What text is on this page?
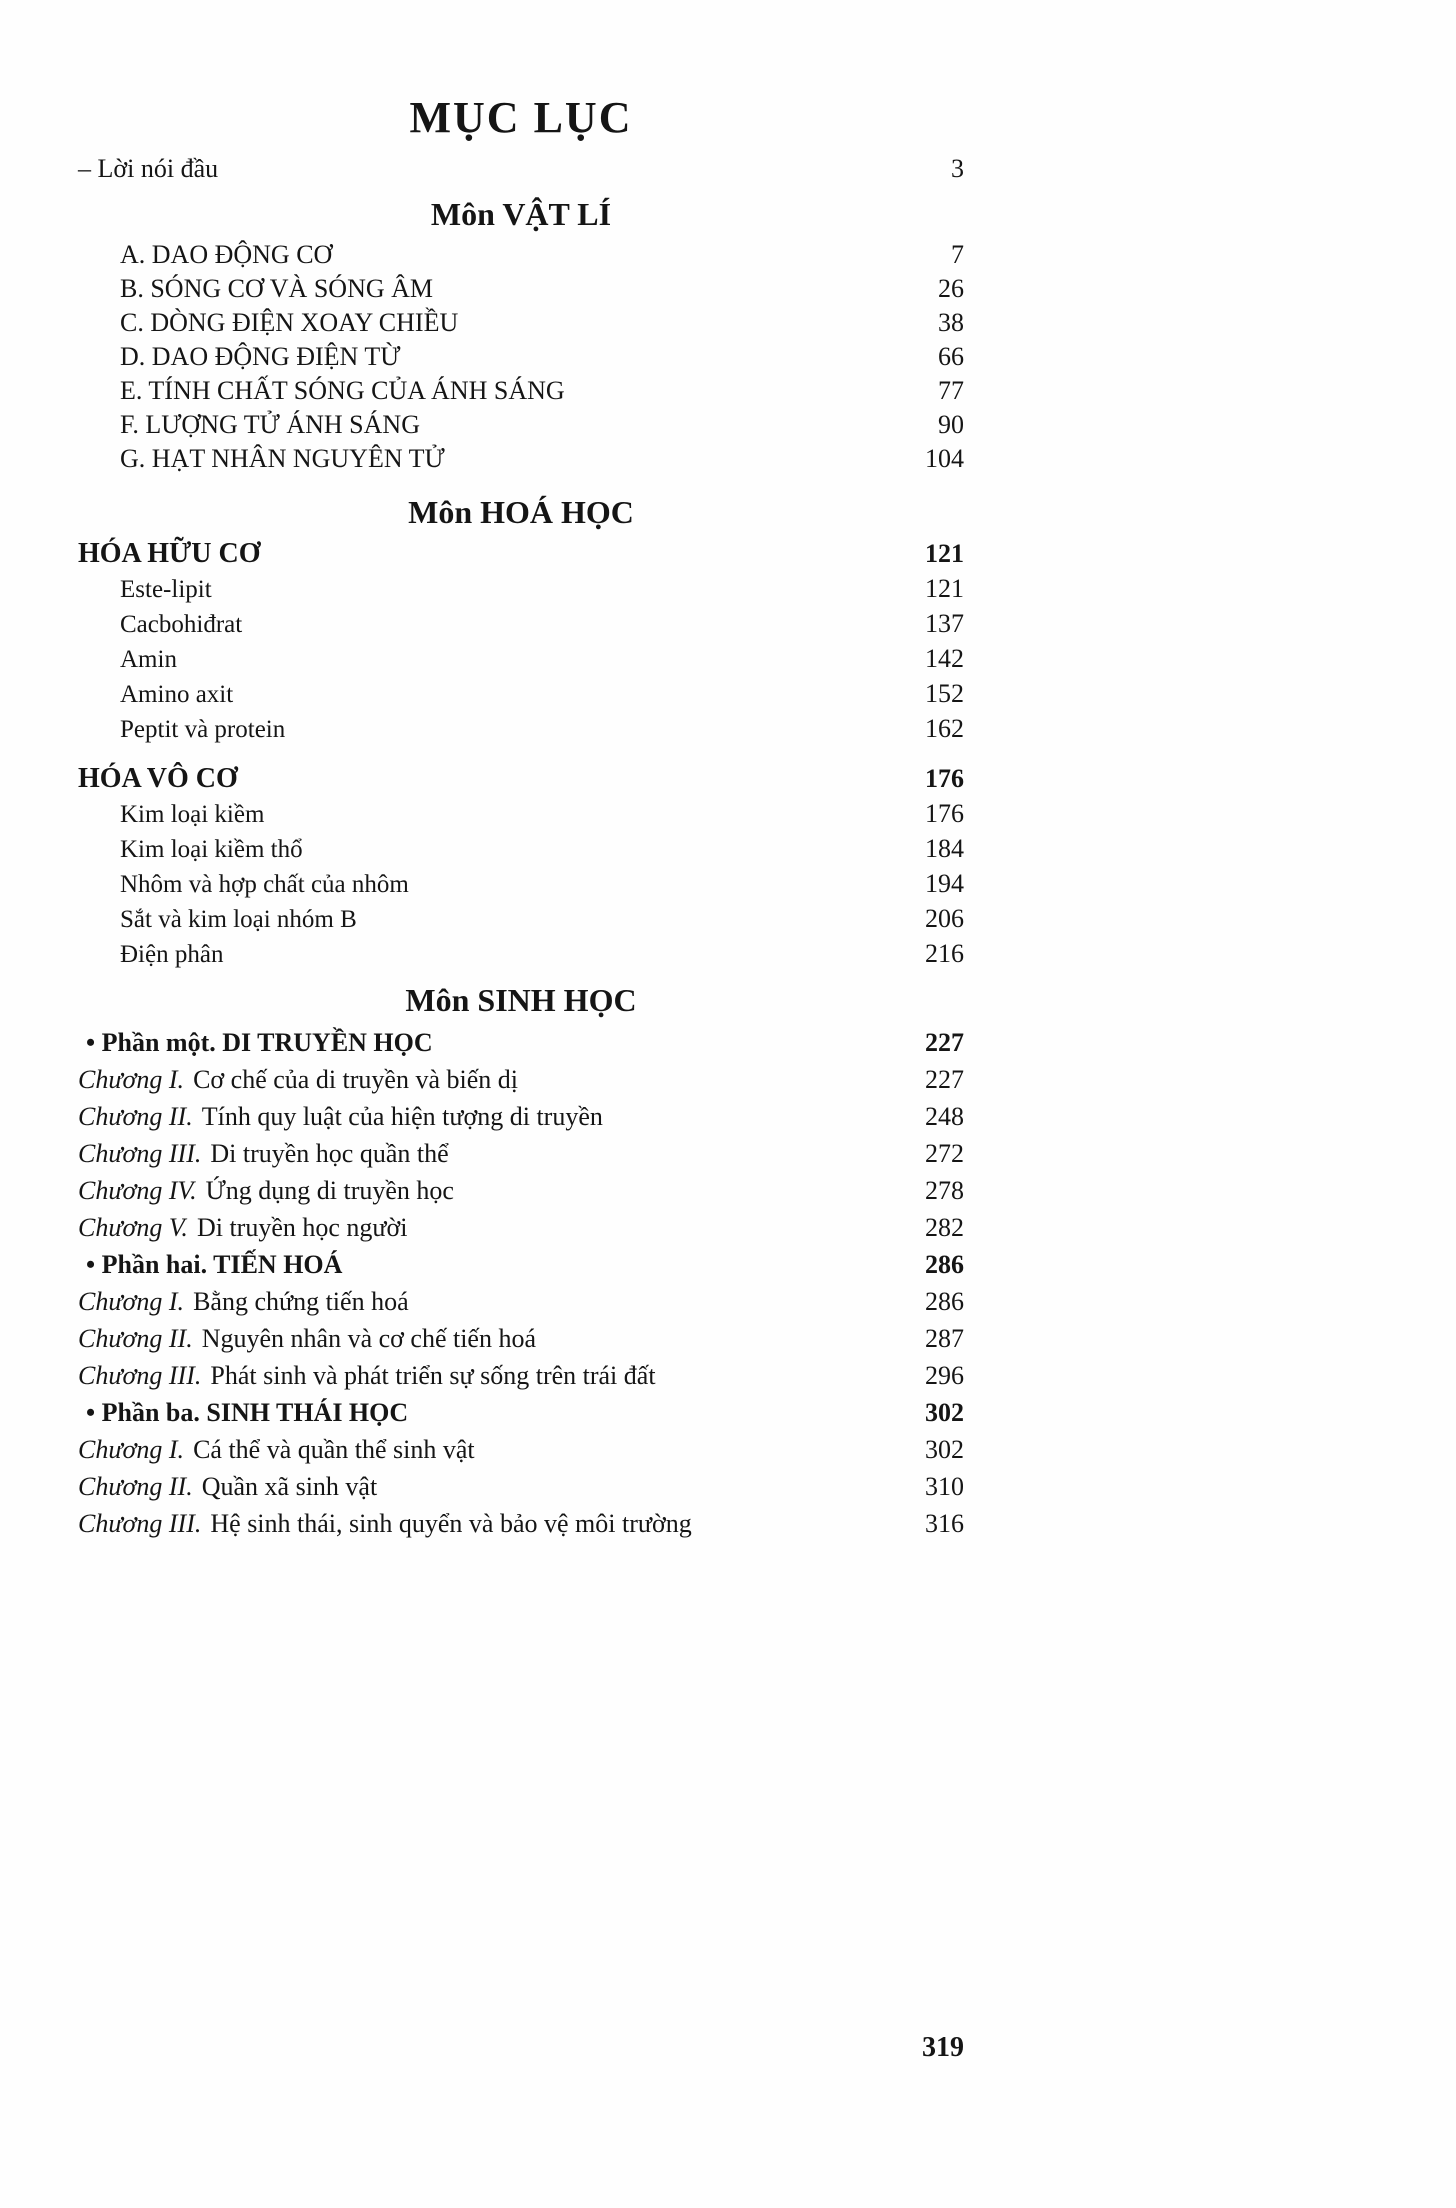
MỤC LỤC
– Lời nói đầu	3
Môn VẬT LÍ
A. DAO ĐỘNG CƠ	7
B. SÓNG CƠ VÀ SÓNG ÂM	26
C. DÒNG ĐIỆN XOAY CHIỀU	38
D. DAO ĐỘNG ĐIỆN TỪ	66
E. TÍNH CHẤT SÓNG CỦA ÁNH SÁNG	77
F. LƯỢNG TỬ ÁNH SÁNG	90
G. HẠT NHÂN NGUYÊN TỬ	104
Môn HOÁ HỌC
HÓA HỮU CƠ	121
Este-lipit	121
Cacbohiđrat	137
Amin	142
Amino axit	152
Peptit và protein	162
HÓA VÔ CƠ	176
Kim loại kiềm	176
Kim loại kiềm thổ	184
Nhôm và hợp chất của nhôm	194
Sắt và kim loại nhóm B	206
Điện phân	216
Môn SINH HỌC
• Phần một. DI TRUYỀN HỌC	227
Chương I. Cơ chế của di truyền và biến dị	227
Chương II. Tính quy luật của hiện tượng di truyền	248
Chương III. Di truyền học quần thể	272
Chương IV. Ứng dụng di truyền học	278
Chương V. Di truyền học người	282
• Phần hai. TIẾN HOÁ	286
Chương I. Bằng chứng tiến hoá	286
Chương II. Nguyên nhân và cơ chế tiến hoá	287
Chương III. Phát sinh và phát triển sự sống trên trái đất	296
• Phần ba. SINH THÁI HỌC	302
Chương I. Cá thể và quần thể sinh vật	302
Chương II. Quần xã sinh vật	310
Chương III. Hệ sinh thái, sinh quyển và bảo vệ môi trường	316
319
